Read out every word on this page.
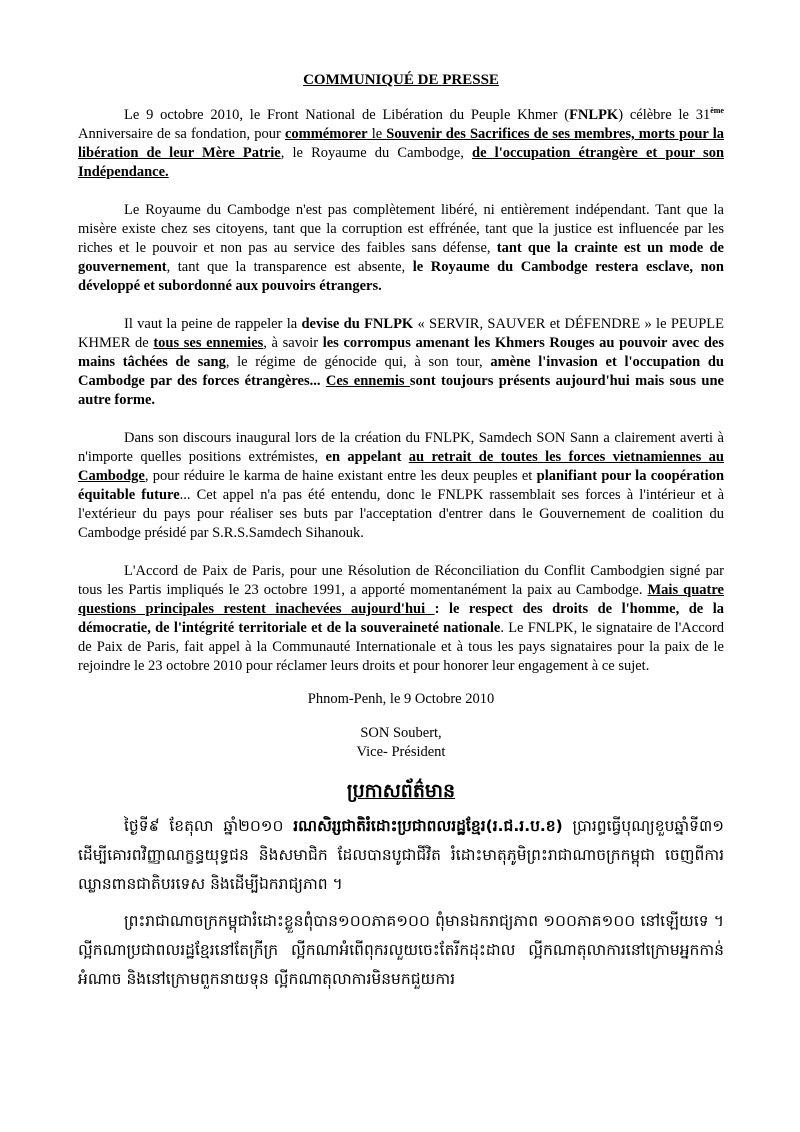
COMMUNIQUÉ DE PRESSE

Le 9 octobre 2010, le Front National de Libération du Peuple Khmer (FNLPK) célèbre le 31ème Anniversaire de sa fondation, pour commémorer le Souvenir des Sacrifices de ses membres, morts pour la libération de leur Mère Patrie, le Royaume du Cambodge, de l'occupation étrangère et pour son Indépendance.

Le Royaume du Cambodge n'est pas complètement libéré, ni entièrement indépendant. Tant que la misère existe chez ses citoyens, tant que la corruption est effrénée, tant que la justice est influencée par les riches et le pouvoir et non pas au service des faibles sans défense, tant que la crainte est un mode de gouvernement, tant que la transparence est absente, le Royaume du Cambodge restera esclave, non développé et subordonné aux pouvoirs étrangers.

Il vaut la peine de rappeler la devise du FNLPK « SERVIR, SAUVER et DÉFENDRE » le PEUPLE KHMER de tous ses ennemies, à savoir les corrompus amenant les Khmers Rouges au pouvoir avec des mains tâchées de sang, le régime de génocide qui, à son tour, amène l'invasion et l'occupation du Cambodge par des forces étrangères... Ces ennemis sont toujours présents aujourd'hui mais sous une autre forme.

Dans son discours inaugural lors de la création du FNLPK, Samdech SON Sann a clairement averti à n'importe quelles positions extrémistes, en appelant au retrait de toutes les forces vietnamiennes au Cambodge, pour réduire le karma de haine existant entre les deux peuples et planifiant pour la coopération équitable future... Cet appel n'a pas été entendu, donc le FNLPK rassemblait ses forces à l'intérieur et à l'extérieur du pays pour réaliser ses buts par l'acceptation d'entrer dans le Gouvernement de coalition du Cambodge présidé par S.R.S.Samdech Sihanouk.

L'Accord de Paix de Paris, pour une Résolution de Réconciliation du Conflit Cambodgien signé par tous les Partis impliqués le 23 octobre 1991, a apporté momentanément la paix au Cambodge. Mais quatre questions principales restent inachevées aujourd'hui : le respect des droits de l'homme, de la démocratie, de l'intégrité territoriale et de la souveraineté nationale. Le FNLPK, le signataire de l'Accord de Paix de Paris, fait appel à la Communauté Internationale et à tous les pays signataires pour la paix de le rejoindre le 23 octobre 2010 pour réclamer leurs droits et pour honorer leur engagement à ce sujet.

Phnom-Penh, le 9 Octobre 2010

SON Soubert,

Vice- Président

ប្រកាសព័ត៌មាន

ថ្ងៃទី៩ ខែតុលា ឆ្នាំ២០១០ រណសិរ្សជាតិរំដោះប្រជាពលរដ្ឋខ្មែរ(រ.ជ.រ.ប.ខ) ប្រារព្ធធ្វើបុណ្យខួបឆ្នាំទី៣១ ដើម្បីគោរពវិញ្ញាណក្ខន្ធយុទ្ធជន និងសមាជិក ដែលបានបូជាជីវិត រំដោះមាតុភូមិព្រះរាជាណាចក្រកម្ពុជា ចេញពីការឈ្លានពានជាតិបរទេស និងដើម្បីឯករាជ្យភាព ។

ព្រះរាជាណាចក្រកម្ពុជារំដោះខ្លួនពុំបាន១០០ភាគ១០០ ពុំមានឯករាជ្យភាព ១០០ភាគ១០០ នៅឡើយទេ ។ ល្អីកណាប្រជាពលរដ្ឋខ្មែរនៅតែក្រីក្រ ល្អីកណាអំពើពុករលួយចេះតែរីកដុះដាល ល្អីកណាតុលាការនៅក្រោមអ្នកកាន់អំណាច និងនៅក្រោមពួកនាយទុន ល្អីកណាតុលាការមិនមកជួយការ
